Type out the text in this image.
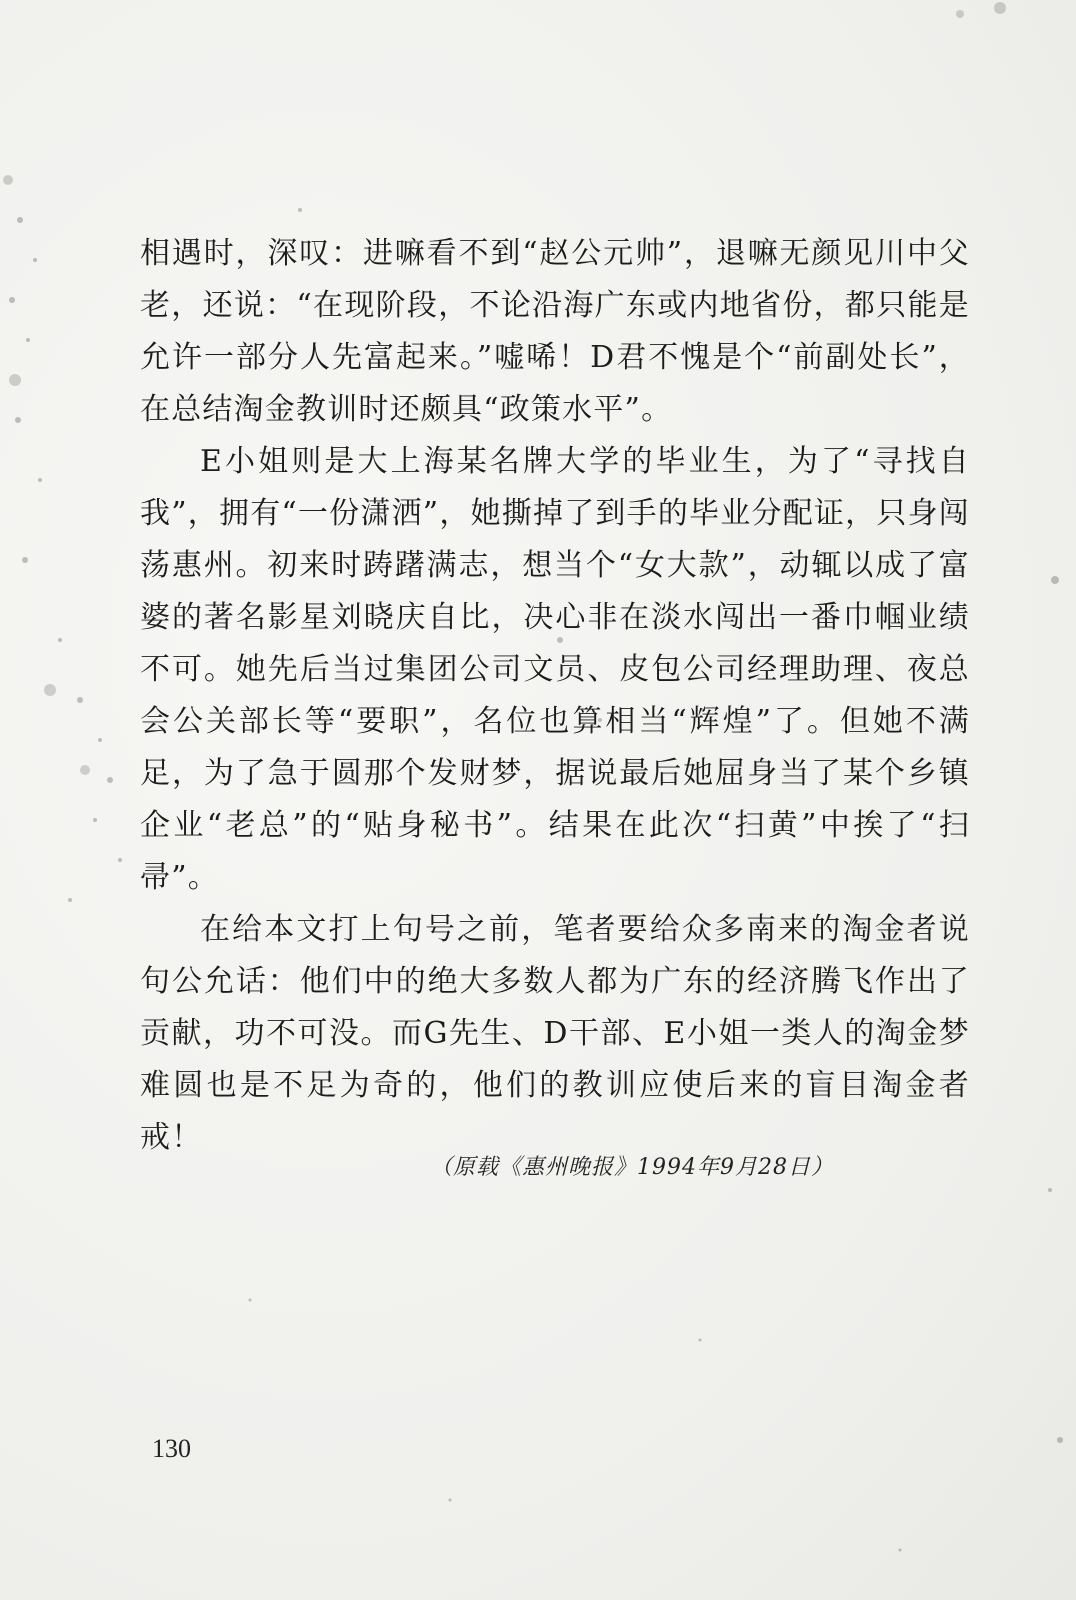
相遇时，深叹：进嘛看不到“赵公元帅”，退嘛无颜见川中父老，还说：“在现阶段，不论沿海广东或内地省份，都只能是允许一部分人先富起来。”嘘唏！D君不愧是个“前副处长”，在总结淘金教训时还颇具“政策水平”。

E小姐则是大上海某名牌大学的毕业生，为了“寻找自我”，拥有“一份潇洒”，她撕掉了到手的毕业分配证，只身闯荡惠州。初来时踌躇满志，想当个“女大款”，动辄以成了富婆的著名影星刘晓庆自比，决心非在淡水闯出一番巾帼业绩不可。她先后当过集团公司文员、皮包公司经理助理、夜总会公关部长等“要职”，名位也算相当“辉煌”了。但她不满足，为了急于圆那个发财梦，据说最后她屈身当了某个乡镇企业“老总”的“贴身秘书”。结果在此次“扫黄”中挨了“扫帚”。

在给本文打上句号之前，笔者要给众多南来的淘金者说句公允话：他们中的绝大多数人都为广东的经济腾飞作出了贡献，功不可没。而G先生、D干部、E小姐一类人的淘金梦难圆也是不足为奇的，他们的教训应使后来的盲目淘金者戒！

（原载《惠州晚报》1994年9月28日）
130
